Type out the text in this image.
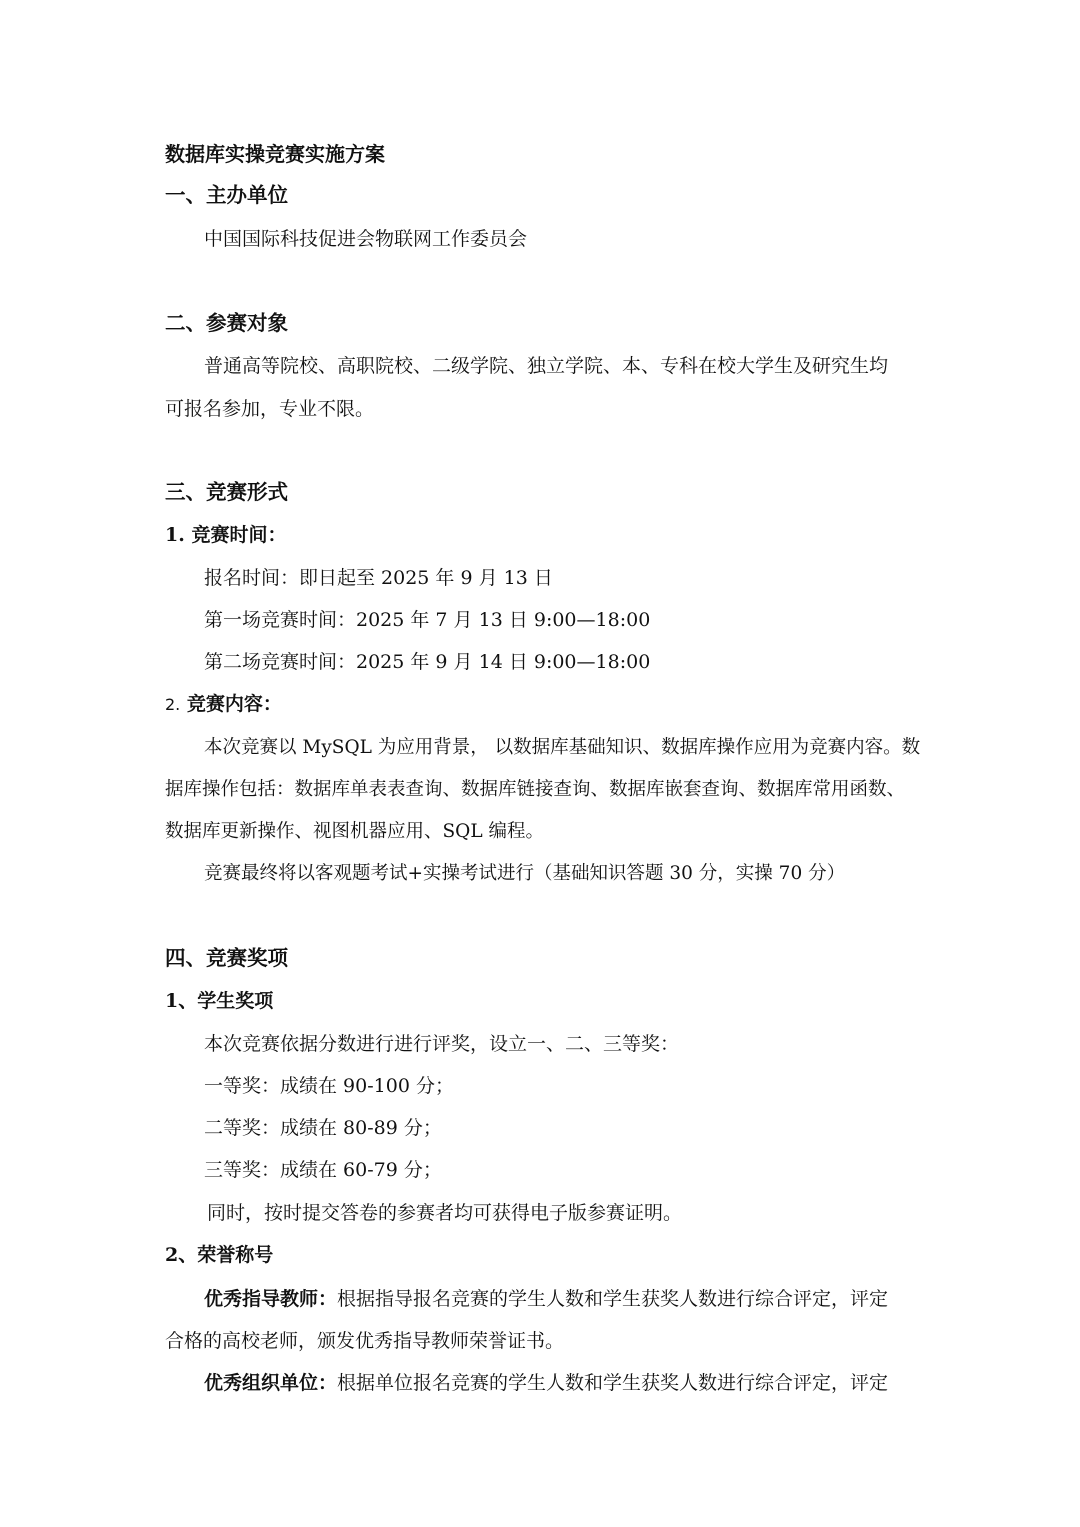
数据库实操竞赛实施方案
一、主办单位
中国国际科技促进会物联网工作委员会
二、参赛对象
普通高等院校、高职院校、二级学院、独立学院、本、专科在校大学生及研究生均
可报名参加，专业不限。
三、竞赛形式
1. 竞赛时间：
报名时间：即日起至 2025 年 9 月 13 日
第一场竞赛时间：2025 年 7 月 13 日 9:00—18:00
第二场竞赛时间：2025 年 9 月 14 日 9:00—18:00
2. 竞赛内容：
本次竞赛以 MySQL 为应用背景， 以数据库基础知识、数据库操作应用为竞赛内容。数
据库操作包括：数据库单表表查询、数据库链接查询、数据库嵌套查询、数据库常用函数、
数据库更新操作、视图机器应用、SQL 编程。
竞赛最终将以客观题考试+实操考试进行（基础知识答题 30 分，实操 70 分）
四、竞赛奖项
1、学生奖项
本次竞赛依据分数进行进行评奖，设立一、二、三等奖：
一等奖：成绩在 90-100 分；
二等奖：成绩在 80-89 分；
三等奖：成绩在 60-79 分；
同时，按时提交答卷的参赛者均可获得电子版参赛证明。
2、荣誉称号
优秀指导教师：根据指导报名竞赛的学生人数和学生获奖人数进行综合评定，评定
合格的高校老师，颁发优秀指导教师荣誉证书。
优秀组织单位：根据单位报名竞赛的学生人数和学生获奖人数进行综合评定，评定
